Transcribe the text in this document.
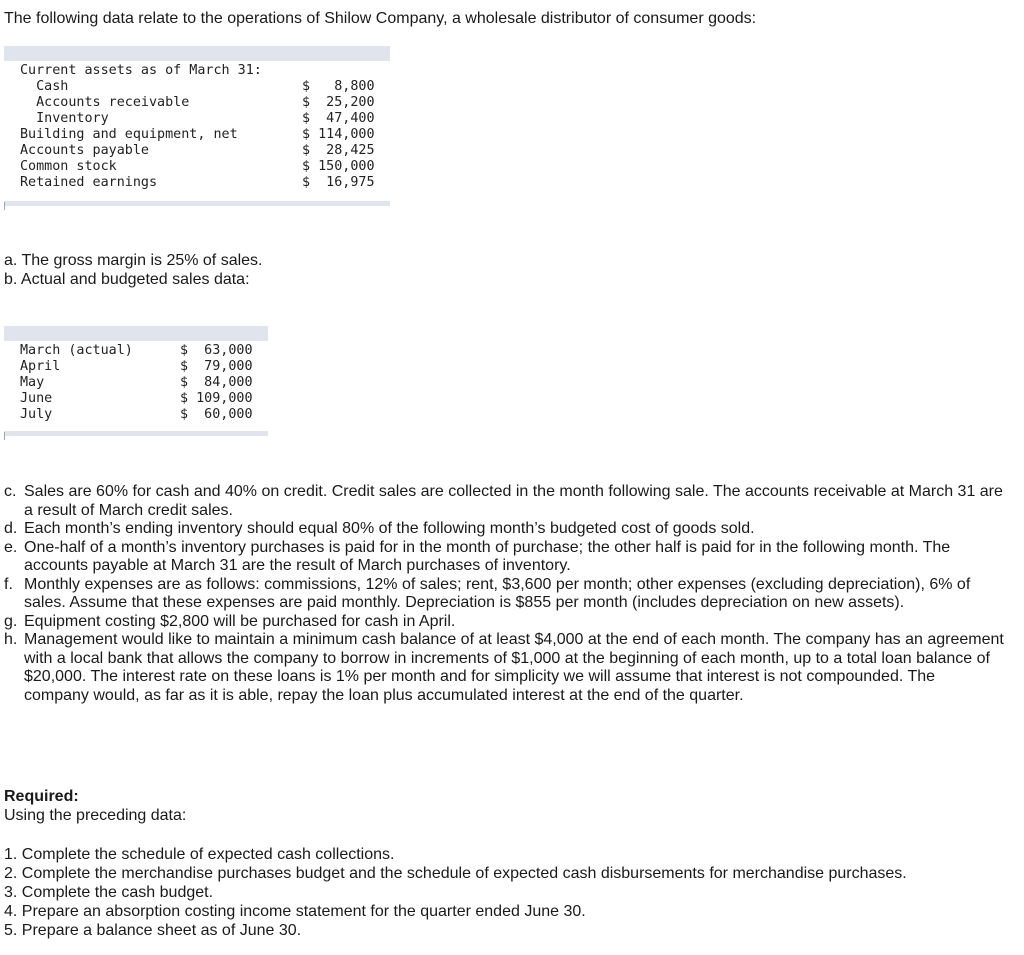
The following data relate to the operations of Shilow Company, a wholesale distributor of consumer goods:

Current assets as of March 31:
Cash	$   8,800
Accounts receivable	$  25,200
Inventory	$  47,400
Building and equipment, net	$ 114,000
Accounts payable	$  28,425
Common stock	$ 150,000
Retained earnings	$  16,975

a. The gross margin is 25% of sales.

b. Actual and budgeted sales data:

March (actual)	$  63,000
April	$  79,000
May	$  84,000
June	$ 109,000
July	$  60,000
c. Sales are 60% for cash and 40% on credit. Credit sales are collected in the month following sale. The accounts receivable at March 31 are a result of March credit sales.
d. Each month’s ending inventory should equal 80% of the following month’s budgeted cost of goods sold.
e. One-half of a month’s inventory purchases is paid for in the month of purchase; the other half is paid for in the following month. The accounts payable at March 31 are the result of March purchases of inventory.
f. Monthly expenses are as follows: commissions, 12% of sales; rent, $3,600 per month; other expenses (excluding depreciation), 6% of sales. Assume that these expenses are paid monthly. Depreciation is $855 per month (includes depreciation on new assets).
g. Equipment costing $2,800 will be purchased for cash in April.
h. Management would like to maintain a minimum cash balance of at least $4,000 at the end of each month. The company has an agreement with a local bank that allows the company to borrow in increments of $1,000 at the beginning of each month, up to a total loan balance of $20,000. The interest rate on these loans is 1% per month and for simplicity we will assume that interest is not compounded. The company would, as far as it is able, repay the loan plus accumulated interest at the end of the quarter.

Required:

Using the preceding data:

1. Complete the schedule of expected cash collections.
2. Complete the merchandise purchases budget and the schedule of expected cash disbursements for merchandise purchases.
3. Complete the cash budget.
4. Prepare an absorption costing income statement for the quarter ended June 30.
5. Prepare a balance sheet as of June 30.
